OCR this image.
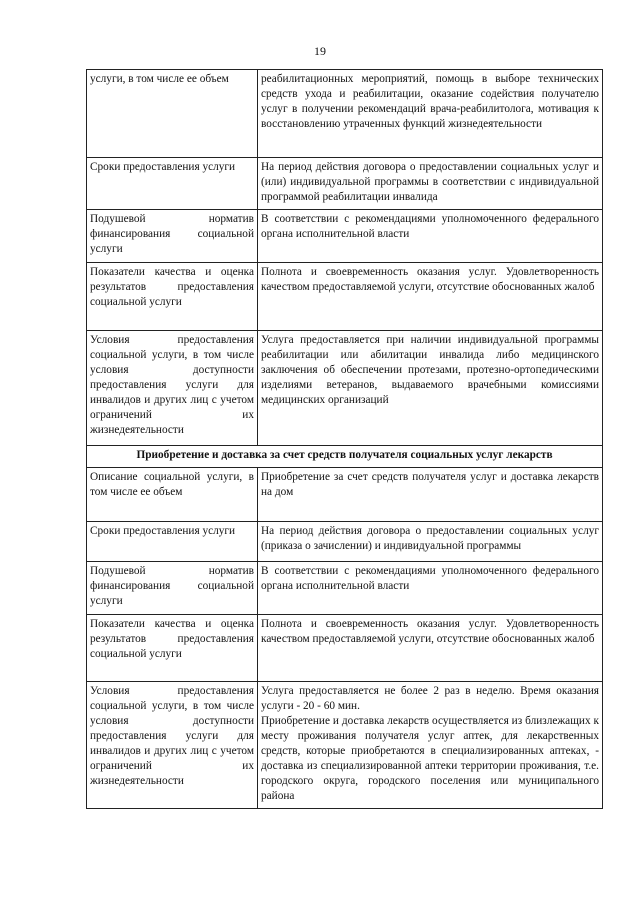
19
услуги, в том числе ее объем	реабилитационных мероприятий, помощь в выборе технических средств ухода и реабилитации, оказание содействия получателю услуг в получении рекомендаций врача-реабилитолога, мотивация к восстановлению утраченных функций жизнедеятельности

Сроки предоставления услуги	На период действия договора о предоставлении социальных услуг и (или) индивидуальной программы в соответствии с индивидуальной программой реабилитации инвалида

Подушевой норматив финансирования социальной услуги	В соответствии с рекомендациями уполномоченного федерального органа исполнительной власти

Показатели качества и оценка результатов предоставления социальной услуги	Полнота и своевременность оказания услуг. Удовлетворенность качеством предоставляемой услуги, отсутствие обоснованных жалоб

Условия предоставления социальной услуги, в том числе условия доступности предоставления услуги для инвалидов и других лиц с учетом ограничений их жизнедеятельности	Услуга предоставляется при наличии индивидуальной программы реабилитации или абилитации инвалида либо медицинского заключения об обеспечении протезами, протезно-ортопедическими изделиями ветеранов, выдаваемого врачебными комиссиями медицинских организаций

Приобретение и доставка за счет средств получателя социальных услуг лекарств	
Описание социальной услуги, в том числе ее объем	Приобретение за счет средств получателя услуг и доставка лекарств на дом

Сроки предоставления услуги	На период действия договора о предоставлении социальных услуг (приказа о зачислении) и индивидуальной программы

Подушевой норматив финансирования социальной услуги	В соответствии с рекомендациями уполномоченного федерального органа исполнительной власти

Показатели качества и оценка результатов предоставления социальной услуги	Полнота и своевременность оказания услуг. Удовлетворенность качеством предоставляемой услуги, отсутствие обоснованных жалоб

Условия предоставления социальной услуги, в том числе условия доступности предоставления услуги для инвалидов и других лиц с учетом ограничений их жизнедеятельности	Услуга предоставляется не более 2 раз в неделю. Время оказания услуги - 20 - 60 мин.
Приобретение и доставка лекарств осуществляется из близлежащих к месту проживания получателя услуг аптек, для лекарственных средств, которые приобретаются в специализированных аптеках, - доставка из специализированной аптеки территории проживания, т.е. городского округа, городского поселения или муниципального района
